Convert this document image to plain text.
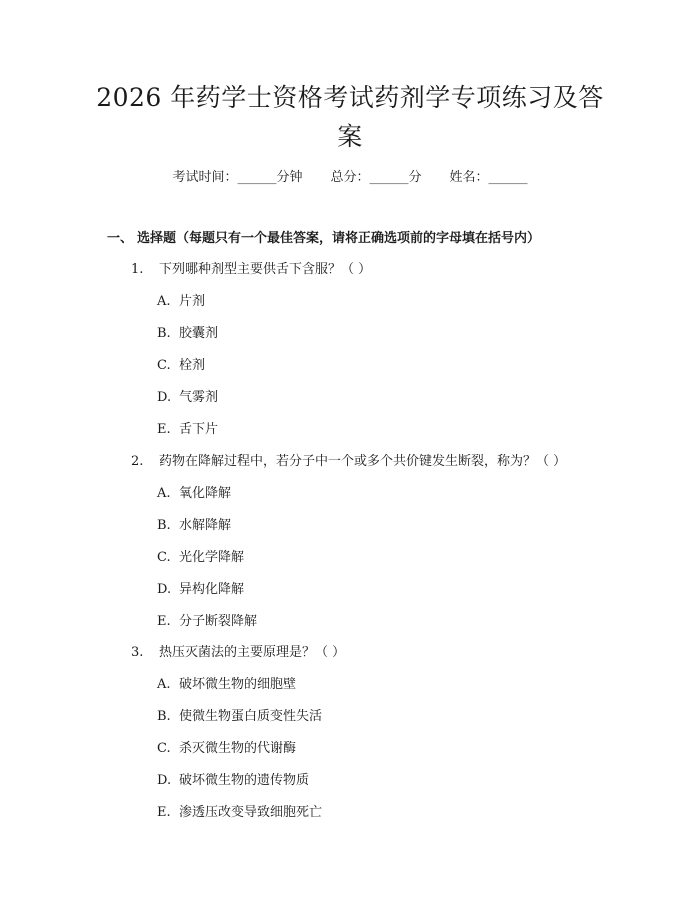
2026 年药学士资格考试药剂学专项练习及答
案
考试时间：______分钟 总分：______分 姓名：______
一、 选择题（每题只有一个最佳答案，请将正确选项前的字母填在括号内）
1. 下列哪种剂型主要供舌下含服？（ ）
A. 片剂
B. 胶囊剂
C. 栓剂
D. 气雾剂
E. 舌下片
2. 药物在降解过程中，若分子中一个或多个共价键发生断裂，称为？（ ）
A. 氧化降解
B. 水解降解
C. 光化学降解
D. 异构化降解
E. 分子断裂降解
3. 热压灭菌法的主要原理是？（ ）
A. 破坏微生物的细胞壁
B. 使微生物蛋白质变性失活
C. 杀灭微生物的代谢酶
D. 破坏微生物的遗传物质
E. 渗透压改变导致细胞死亡
